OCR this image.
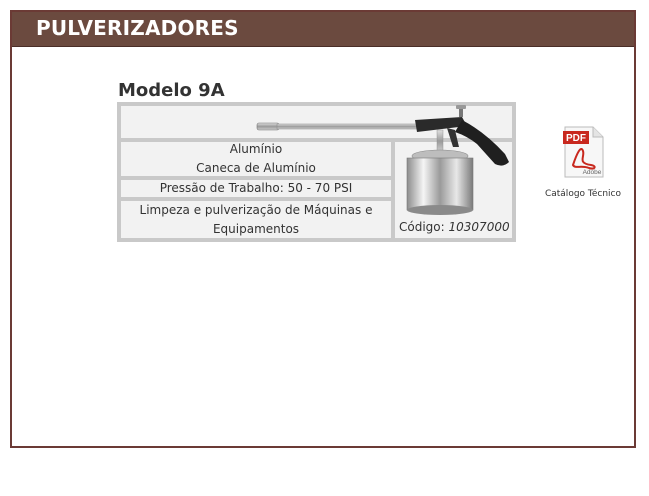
PULVERIZADORES
Modelo 9A
Alumínio
Caneca de Alumínio
Pressão de Trabalho: 50 - 70 PSI
Limpeza e pulverização de Máquinas e
Equipamentos	Código: 10307000
PDF
Adobe
Catálogo Técnico
